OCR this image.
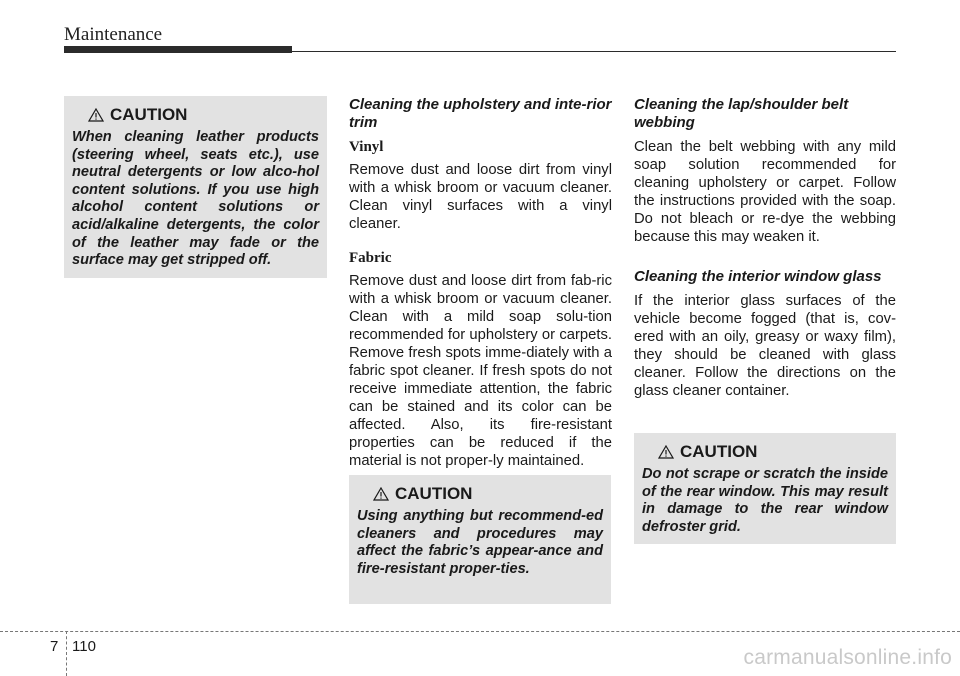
Maintenance
CAUTION

When cleaning leather products (steering wheel, seats etc.), use neutral detergents or low alco-hol content solutions. If you use high alcohol content solutions or acid/alkaline detergents, the color of the leather may fade or the surface may get stripped off.

Cleaning the upholstery and inte-rior trim

Vinyl

Remove dust and loose dirt from vinyl with a whisk broom or vacuum cleaner. Clean vinyl surfaces with a vinyl cleaner.

Fabric

Remove dust and loose dirt from fab-ric with a whisk broom or vacuum cleaner. Clean with a mild soap solu-tion recommended for upholstery or carpets. Remove fresh spots imme-diately with a fabric spot cleaner. If fresh spots do not receive immediate attention, the fabric can be stained and its color can be affected. Also, its fire-resistant properties can be reduced if the material is not proper-ly maintained.

CAUTION

Using anything but recommend-ed cleaners and procedures may affect the fabric’s appear-ance and fire-resistant proper-ties.

Cleaning the lap/shoulder belt webbing

Clean the belt webbing with any mild soap solution recommended for cleaning upholstery or carpet. Follow the instructions provided with the soap. Do not bleach or re-dye the webbing because this may weaken it.

Cleaning the interior window glass

If the interior glass surfaces of the vehicle become fogged (that is, cov-ered with an oily, greasy or waxy film), they should be cleaned with glass cleaner. Follow the directions on the glass cleaner container.

CAUTION

Do not scrape or scratch the inside of the rear window. This may result in damage to the rear window defroster grid.

7 110	carmanualsonline.info
